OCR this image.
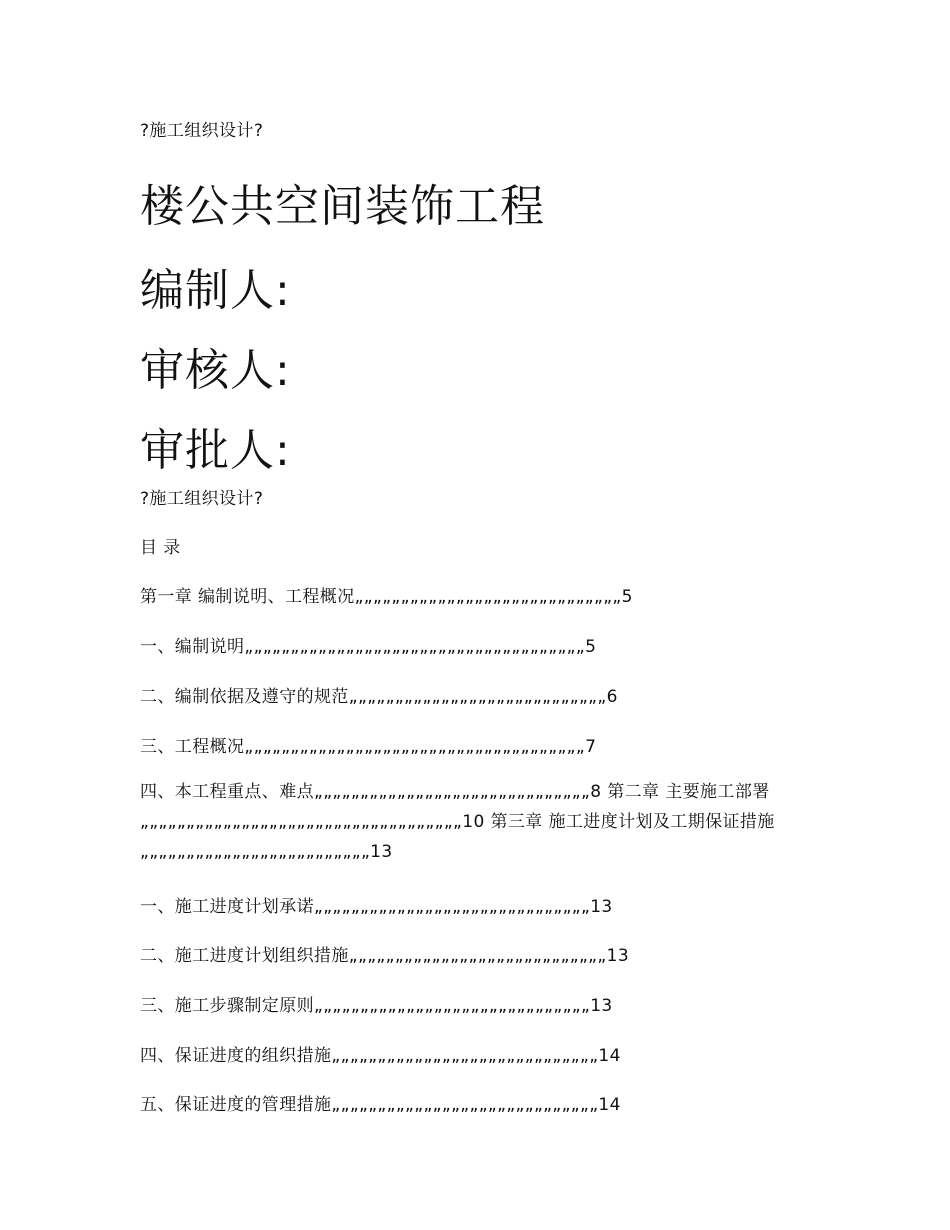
?施工组织设计?
楼公共空间装饰工程
编制人:
审核人:
审批人:
?施工组织设计?
目 录
第一章 编制说明、工程概况„„„„„„„„„„„„„„„„„„„„„„„„„„„„„5
一、编制说明„„„„„„„„„„„„„„„„„„„„„„„„„„„„„„„„„„„„„5
二、编制依据及遵守的规范„„„„„„„„„„„„„„„„„„„„„„„„„„„„6
三、工程概况„„„„„„„„„„„„„„„„„„„„„„„„„„„„„„„„„„„„„7
四、本工程重点、难点„„„„„„„„„„„„„„„„„„„„„„„„„„„„„„8 第二章 主要施工部署„„„„„„„„„„„„„„„„„„„„„„„„„„„„„„„„„„„10 第三章 施工进度计划及工期保证措施„„„„„„„„„„„„„„„„„„„„„„„„„13
一、施工进度计划承诺„„„„„„„„„„„„„„„„„„„„„„„„„„„„„„13
二、施工进度计划组织措施„„„„„„„„„„„„„„„„„„„„„„„„„„„„13
三、施工步骤制定原则„„„„„„„„„„„„„„„„„„„„„„„„„„„„„„13
四、保证进度的组织措施„„„„„„„„„„„„„„„„„„„„„„„„„„„„„14
五、保证进度的管理措施„„„„„„„„„„„„„„„„„„„„„„„„„„„„„14
